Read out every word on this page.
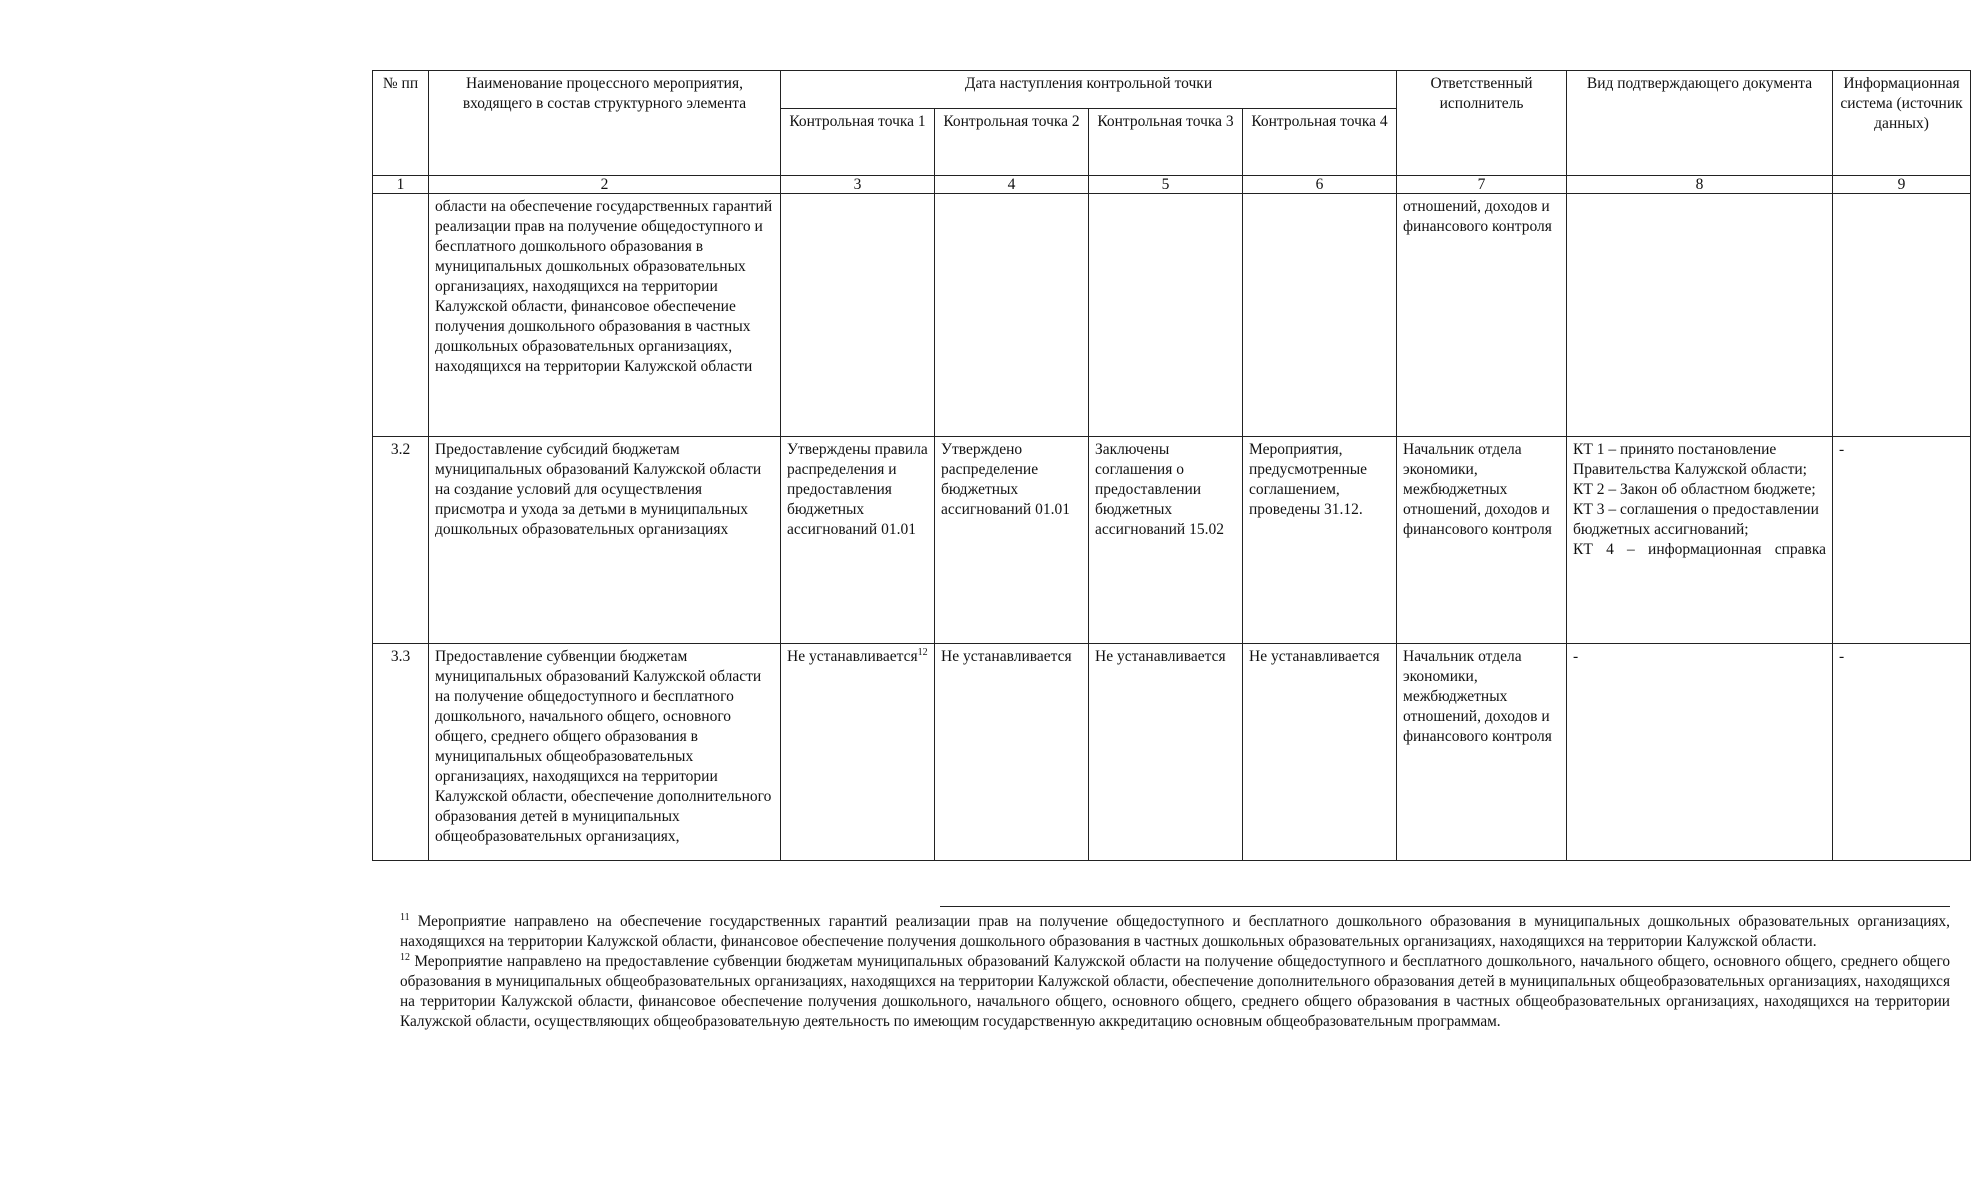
№ пп	Наименование процессного мероприятия, входящего в состав структурного элемента	Дата наступления контрольной точки				Ответственный исполнитель	Вид подтверждающего документа	Информационная система (источник данных)
		Контрольная точка 1	Контрольная точка 2	Контрольная точка 3	Контрольная точка 4			
1	2	3	4	5	6	7	8	9
	области на обеспечение государственных гарантий реализации прав на получение общедоступного и бесплатного дошкольного образования в муниципальных дошкольных образовательных организациях, находящихся на территории Калужской области, финансовое обеспечение получения дошкольного образования в частных дошкольных образовательных организациях, находящихся на территории Калужской области					отношений, доходов и финансового контроля		
3.2	Предоставление субсидий бюджетам муниципальных образований Калужской области на создание условий для осуществления присмотра и ухода за детьми в муниципальных дошкольных образовательных организациях	Утверждены правила распределения и предоставления бюджетных ассигнований 01.01	Утверждено распределение бюджетных ассигнований 01.01	Заключены соглашения о предоставлении бюджетных ассигнований 15.02	Мероприятия, предусмотренные соглашением, проведены 31.12.	Начальник отдела экономики, межбюджетных отношений, доходов и финансового контроля	КТ 1 – принято постановление Правительства Калужской области;
КТ 2 – Закон об областном бюджете;
КТ 3 – соглашения о предоставлении бюджетных ассигнований;
КТ 4 – информационная справка	-
3.3	Предоставление субвенции бюджетам муниципальных образований Калужской области на получение общедоступного и бесплатного дошкольного, начального общего, основного общего, среднего общего образования в муниципальных общеобразовательных организациях, находящихся на территории Калужской области, обеспечение дополнительного образования детей в муниципальных общеобразовательных организациях,	Не устанавливается$^{12}$	Не устанавливается	Не устанавливается	Не устанавливается	Начальник отдела экономики, межбюджетных отношений, доходов и финансового контроля	-	-

$^{11}$ Мероприятие направлено на обеспечение государственных гарантий реализации прав на получение общедоступного и бесплатного дошкольного образования в муниципальных дошкольных образовательных организациях, находящихся на территории Калужской области, финансовое обеспечение получения дошкольного образования в частных дошкольных образовательных организациях, находящихся на территории Калужской области.

$^{12}$ Мероприятие направлено на предоставление субвенции бюджетам муниципальных образований Калужской области на получение общедоступного и бесплатного дошкольного, начального общего, основного общего, среднего общего образования в муниципальных общеобразовательных организациях, находящихся на территории Калужской области, обеспечение дополнительного образования детей в муниципальных общеобразовательных организациях, находящихся на территории Калужской области, финансовое обеспечение получения дошкольного, начального общего, основного общего, среднего общего образования в частных общеобразовательных организациях, находящихся на территории Калужской области, осуществляющих общеобразовательную деятельность по имеющим государственную аккредитацию основным общеобразовательным программам.
